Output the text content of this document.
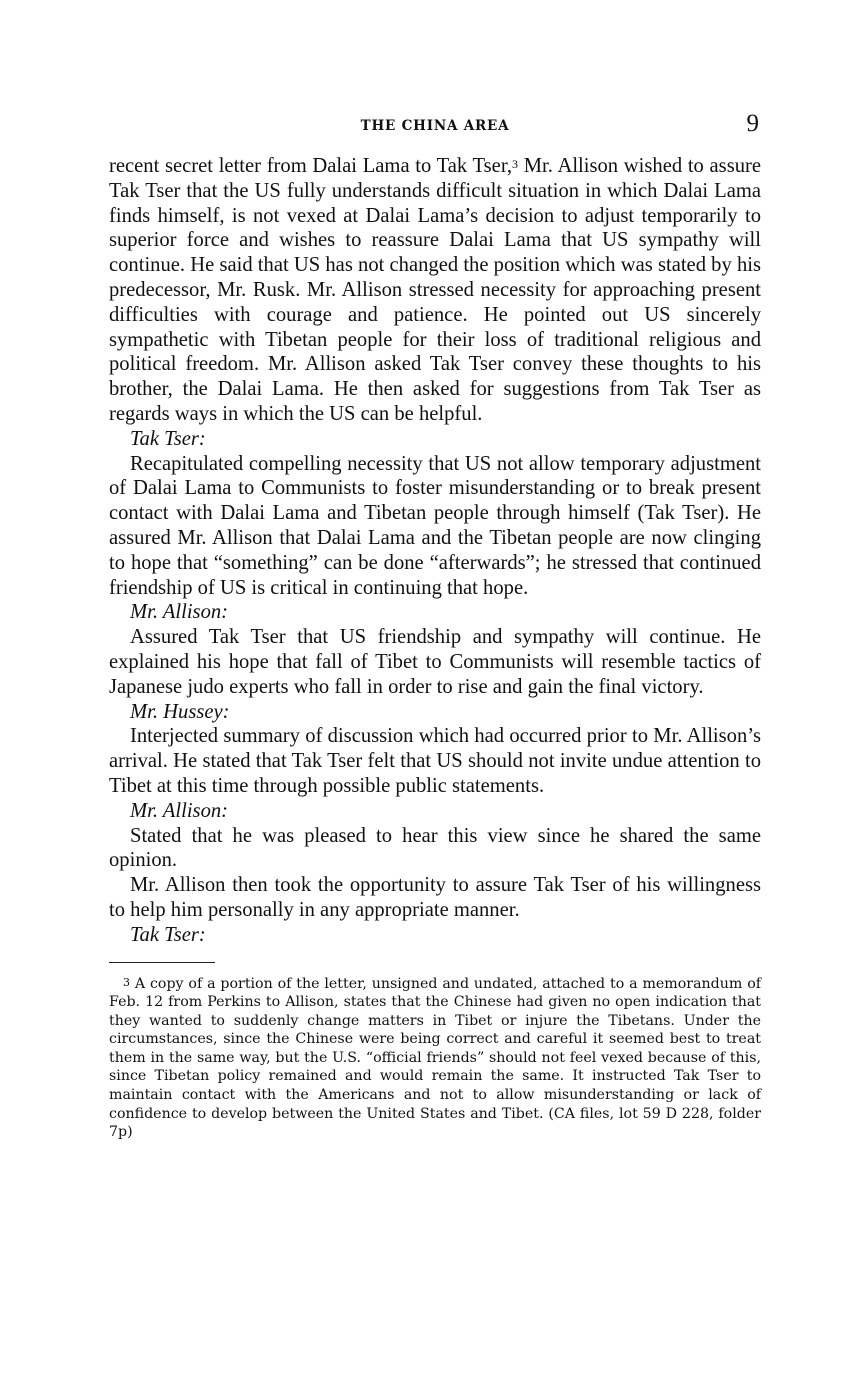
THE CHINA AREA	9

recent secret letter from Dalai Lama to Tak Tser,$^3$ Mr. Allison wished to assure Tak Tser that the US fully understands difficult situation in which Dalai Lama finds himself, is not vexed at Dalai Lama’s decision to adjust temporarily to superior force and wishes to reassure Dalai Lama that US sympathy will continue. He said that US has not changed the position which was stated by his predecessor, Mr. Rusk. Mr. Allison stressed necessity for approaching present difficulties with courage and patience. He pointed out US sincerely sympathetic with Tibetan people for their loss of traditional religious and political freedom. Mr. Allison asked Tak Tser convey these thoughts to his brother, the Dalai Lama. He then asked for suggestions from Tak Tser as regards ways in which the US can be helpful.

Tak Tser:

Recapitulated compelling necessity that US not allow temporary adjustment of Dalai Lama to Communists to foster misunderstanding or to break present contact with Dalai Lama and Tibetan people through himself (Tak Tser). He assured Mr. Allison that Dalai Lama and the Tibetan people are now clinging to hope that “something” can be done “afterwards”; he stressed that continued friendship of US is critical in continuing that hope.

Mr. Allison:

Assured Tak Tser that US friendship and sympathy will continue. He explained his hope that fall of Tibet to Communists will resemble tactics of Japanese judo experts who fall in order to rise and gain the final victory.

Mr. Hussey:

Interjected summary of discussion which had occurred prior to Mr. Allison’s arrival. He stated that Tak Tser felt that US should not invite undue attention to Tibet at this time through possible public statements.

Mr. Allison:

Stated that he was pleased to hear this view since he shared the same opinion.

Mr. Allison then took the opportunity to assure Tak Tser of his willingness to help him personally in any appropriate manner.

Tak Tser:

$^3$ A copy of a portion of the letter, unsigned and undated, attached to a memorandum of Feb. 12 from Perkins to Allison, states that the Chinese had given no open indication that they wanted to suddenly change matters in Tibet or injure the Tibetans. Under the circumstances, since the Chinese were being correct and careful it seemed best to treat them in the same way, but the U.S. “official friends” should not feel vexed because of this, since Tibetan policy remained and would remain the same. It instructed Tak Tser to maintain contact with the Americans and not to allow misunderstanding or lack of confidence to develop between the United States and Tibet. (CA files, lot 59 D 228, folder 7p)
